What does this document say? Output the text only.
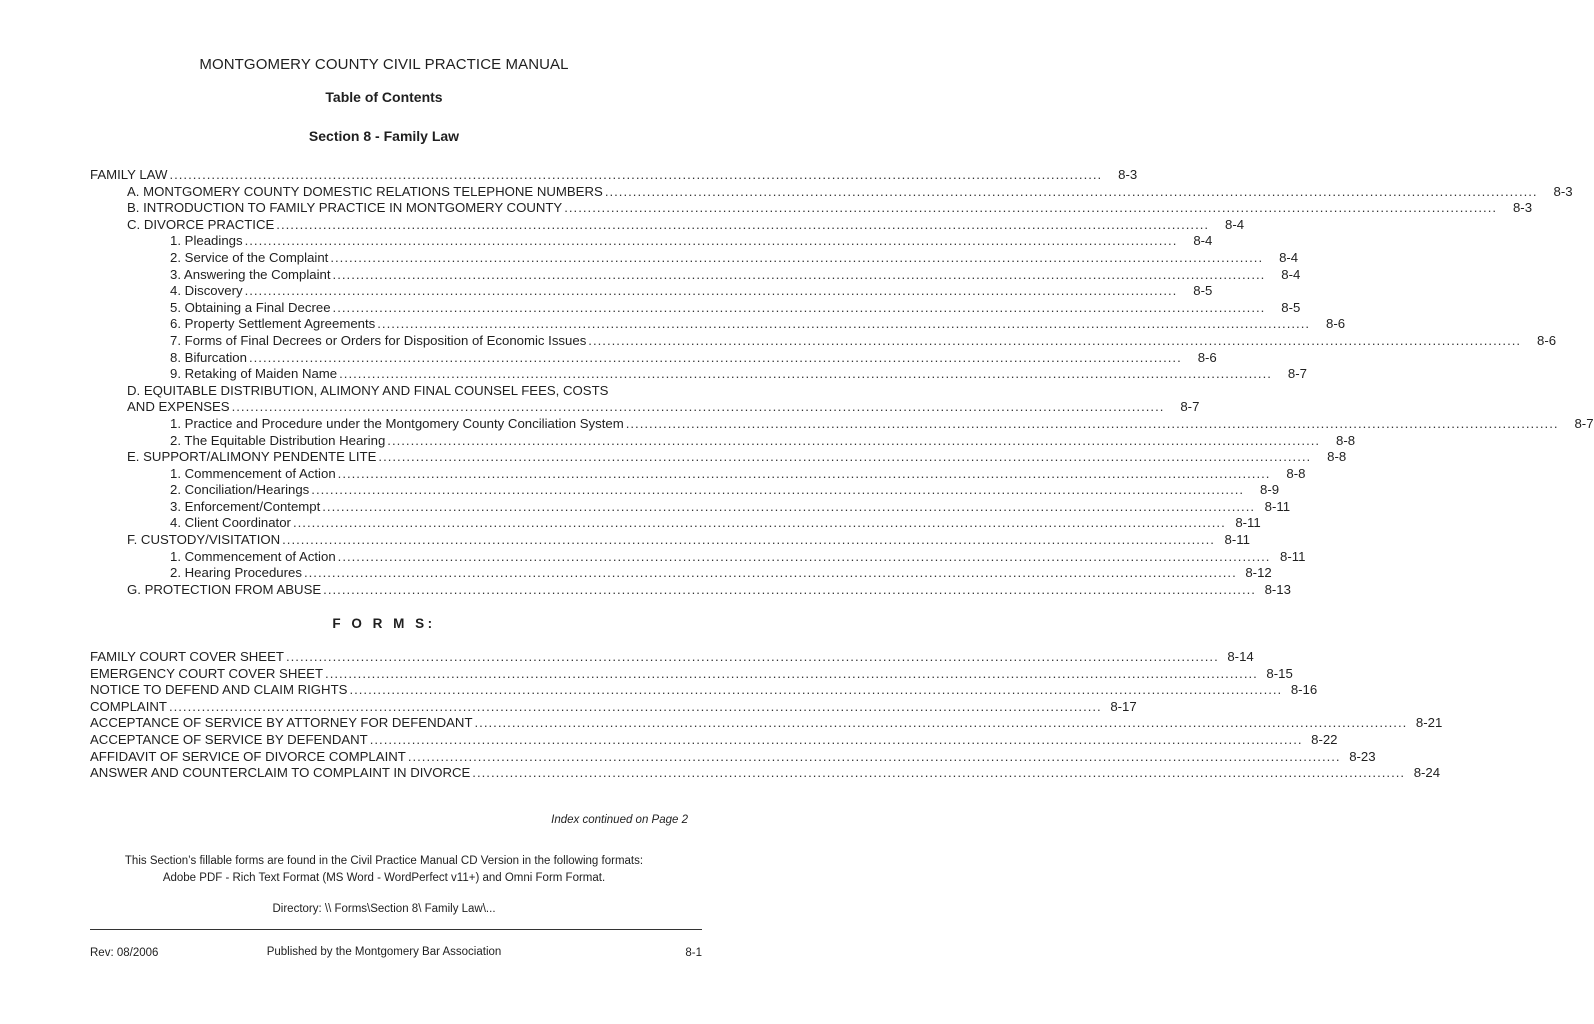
MONTGOMERY COUNTY CIVIL PRACTICE MANUAL
Table of Contents
Section 8 - Family Law
FAMILY LAW ........................................................................................................................................................................................................	8-3
A. MONTGOMERY COUNTY DOMESTIC RELATIONS TELEPHONE NUMBERS ........................................................................................................................................................................................................	8-3
B. INTRODUCTION TO FAMILY PRACTICE IN MONTGOMERY COUNTY ........................................................................................................................................................................................................	8-3
C. DIVORCE PRACTICE ........................................................................................................................................................................................................	8-4
1. Pleadings ........................................................................................................................................................................................................	8-4
2. Service of the Complaint ........................................................................................................................................................................................................	8-4
3. Answering the Complaint ........................................................................................................................................................................................................	8-4
4. Discovery ........................................................................................................................................................................................................	8-5
5. Obtaining a Final Decree ........................................................................................................................................................................................................	8-5
6. Property Settlement Agreements ........................................................................................................................................................................................................	8-6
7. Forms of Final Decrees or Orders for Disposition of Economic Issues ........................................................................................................................................................................................................	8-6
8. Bifurcation ........................................................................................................................................................................................................	8-6
9. Retaking of Maiden Name ........................................................................................................................................................................................................	8-7
D. EQUITABLE DISTRIBUTION, ALIMONY AND FINAL COUNSEL FEES, COSTS
AND EXPENSES ........................................................................................................................................................................................................	8-7
1. Practice and Procedure under the Montgomery County Conciliation System ........................................................................................................................................................................................................	8-7
2. The Equitable Distribution Hearing ........................................................................................................................................................................................................	8-8
E. SUPPORT/ALIMONY PENDENTE LITE ........................................................................................................................................................................................................	8-8
1. Commencement of Action ........................................................................................................................................................................................................	8-8
2. Conciliation/Hearings ........................................................................................................................................................................................................	8-9
3. Enforcement/Contempt ........................................................................................................................................................................................................ 8-11
4. Client Coordinator ........................................................................................................................................................................................................ 8-11
F. CUSTODY/VISITATION ........................................................................................................................................................................................................ 8-11
1. Commencement of Action ........................................................................................................................................................................................................ 8-11
2. Hearing Procedures ........................................................................................................................................................................................................ 8-12
G. PROTECTION FROM ABUSE ........................................................................................................................................................................................................ 8-13
F O R M S:
FAMILY COURT COVER SHEET ........................................................................................................................................................................................................ 8-14
EMERGENCY COURT COVER SHEET ........................................................................................................................................................................................................ 8-15
NOTICE TO DEFEND AND CLAIM RIGHTS ........................................................................................................................................................................................................ 8-16
COMPLAINT ........................................................................................................................................................................................................ 8-17
ACCEPTANCE OF SERVICE BY ATTORNEY FOR DEFENDANT ........................................................................................................................................................................................................ 8-21
ACCEPTANCE OF SERVICE BY DEFENDANT ........................................................................................................................................................................................................ 8-22
AFFIDAVIT OF SERVICE OF DIVORCE COMPLAINT ........................................................................................................................................................................................................ 8-23
ANSWER AND COUNTERCLAIM TO COMPLAINT IN DIVORCE ........................................................................................................................................................................................................ 8-24
Index continued on Page 2
This Section’s fillable forms are found in the Civil Practice Manual CD Version in the following formats:
Adobe PDF - Rich Text Format (MS Word - WordPerfect v11+) and Omni Form Format.
Directory: \\ Forms\Section 8\ Family Law\...
Rev: 08/2006	Published by the Montgomery Bar Association	8-1
